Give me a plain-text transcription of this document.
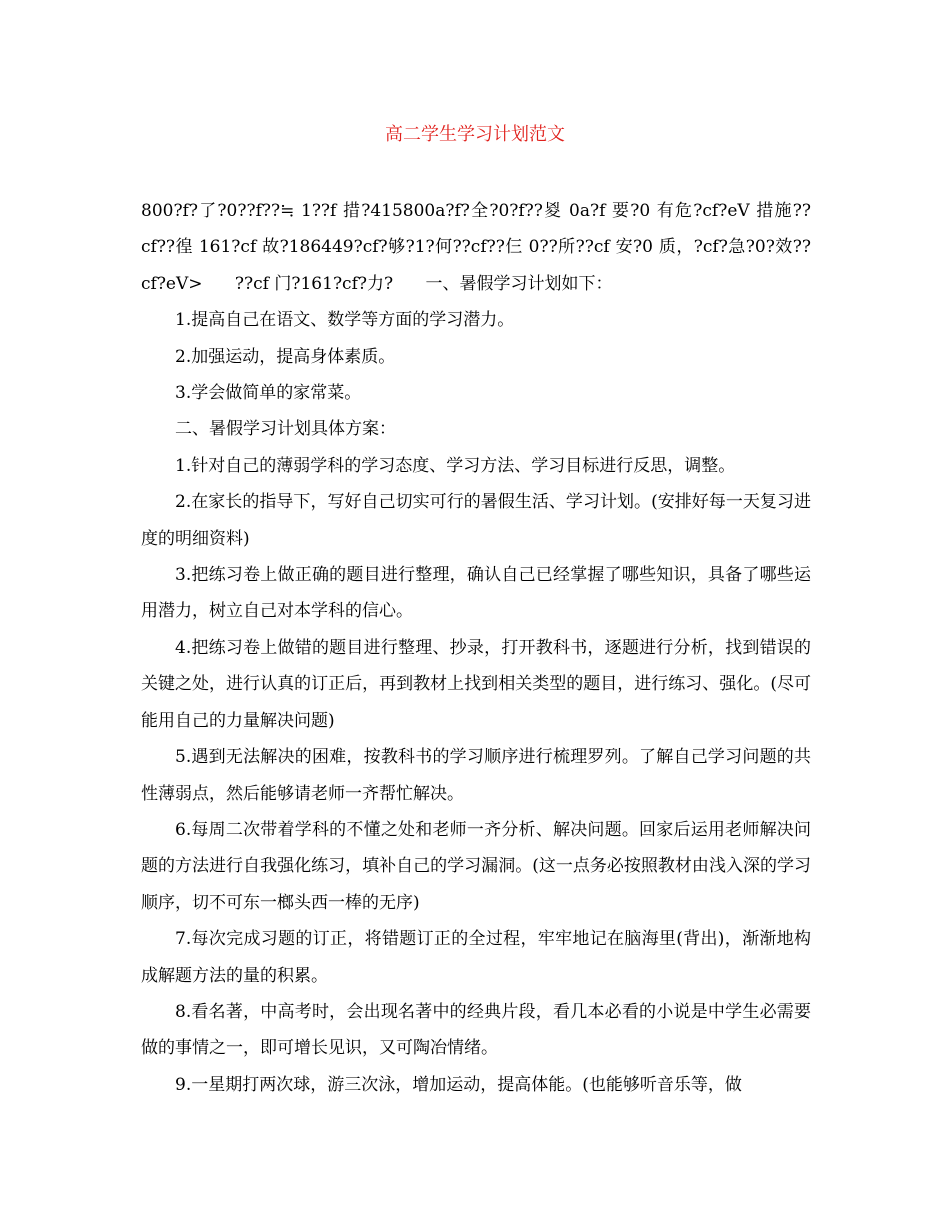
高二学生学习计划范文

800?f?了?0??f??≒ 1??f 措?415800a?f?全?0?f??㚇 0a?f 要?0 有危?cf?eV 措施??cf??徨 161?cf 故?186449?cf?够?1?何??cf??仨 0??所??cf 安?0 质，?cf?急?0?效??cf?eV>      ??cf 门?161?cf?力?      一、暑假学习计划如下：

1.提高自己在语文、数学等方面的学习潜力。

2.加强运动，提高身体素质。

3.学会做简单的家常菜。

二、暑假学习计划具体方案：

1.针对自己的薄弱学科的学习态度、学习方法、学习目标进行反思，调整。

2.在家长的指导下，写好自己切实可行的暑假生活、学习计划。(安排好每一天复习进度的明细资料)

3.把练习卷上做正确的题目进行整理，确认自己已经掌握了哪些知识，具备了哪些运用潜力，树立自己对本学科的信心。

4.把练习卷上做错的题目进行整理、抄录，打开教科书，逐题进行分析，找到错误的关键之处，进行认真的订正后，再到教材上找到相关类型的题目，进行练习、强化。(尽可能用自己的力量解决问题)

5.遇到无法解决的困难，按教科书的学习顺序进行梳理罗列。了解自己学习问题的共性薄弱点，然后能够请老师一齐帮忙解决。

6.每周二次带着学科的不懂之处和老师一齐分析、解决问题。回家后运用老师解决问题的方法进行自我强化练习，填补自己的学习漏洞。(这一点务必按照教材由浅入深的学习顺序，切不可东一榔头西一棒的无序)

7.每次完成习题的订正，将错题订正的全过程，牢牢地记在脑海里(背出)，渐渐地构成解题方法的量的积累。

8.看名著，中高考时，会出现名著中的经典片段，看几本必看的小说是中学生必需要做的事情之一，即可增长见识，又可陶冶情绪。

9.一星期打两次球，游三次泳，增加运动，提高体能。(也能够听音乐等，做
